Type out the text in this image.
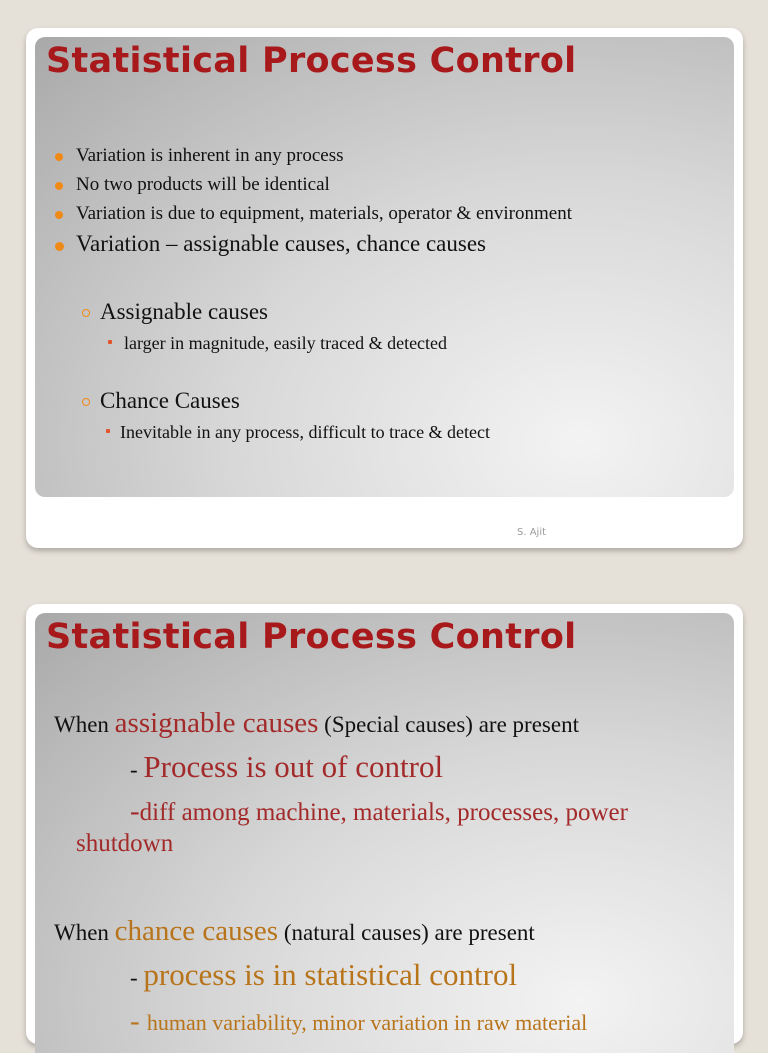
Statistical Process Control
Variation is inherent in any process
No two products will be identical
Variation is due to equipment, materials, operator & environment
Variation – assignable causes, chance causes
Assignable causes
larger in magnitude, easily traced & detected
Chance Causes
Inevitable in any process, difficult to trace & detect
S. Ajit
Statistical Process Control
When assignable causes (Special causes) are present
- Process is out of control
-diff among machine, materials, processes, power
shutdown
When chance causes (natural causes) are present
- process is in statistical control
- human variability, minor variation in raw material
